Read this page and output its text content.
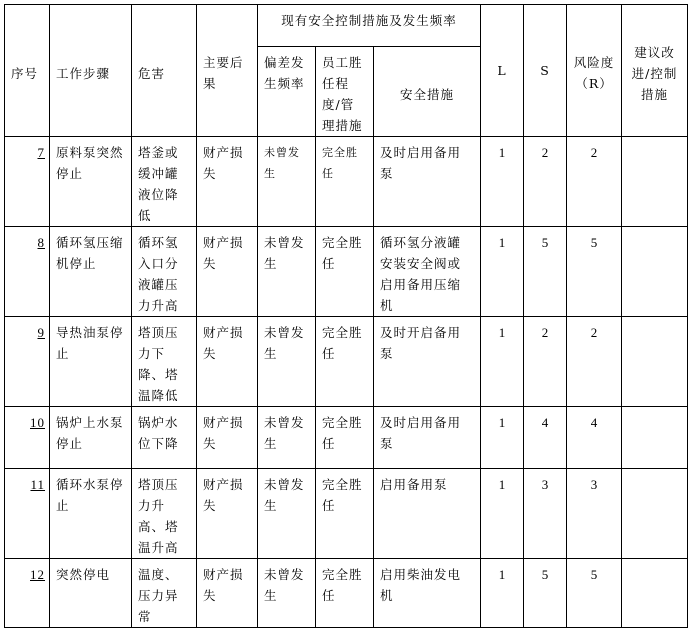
序号	工作步骤	危害	主要后果	现有安全控制措施及发生频率			L	S	风险度（R）	建议改进/控制措施
				偏差发生频率	员工胜任程度/管理措施	安全措施				
7	原料泵突然停止	塔釜或缓冲罐液位降低	财产损失	未曾发生	完全胜任	及时启用备用泵	1	2	2	
8	循环氢压缩机停止	循环氢入口分液罐压力升高	财产损失	未曾发生	完全胜任	循环氢分液罐安装安全阀或启用备用压缩机	1	5	5	
9	导热油泵停止	塔顶压力下降、塔温降低	财产损失	未曾发生	完全胜任	及时开启备用泵	1	2	2	
10	锅炉上水泵停止	锅炉水位下降	财产损失	未曾发生	完全胜任	及时启用备用泵	1	4	4	
11	循环水泵停止	塔顶压力升高、塔温升高	财产损失	未曾发生	完全胜任	启用备用泵	1	3	3	
12	突然停电	温度、压力异常	财产损失	未曾发生	完全胜任	启用柴油发电机	1	5	5	
